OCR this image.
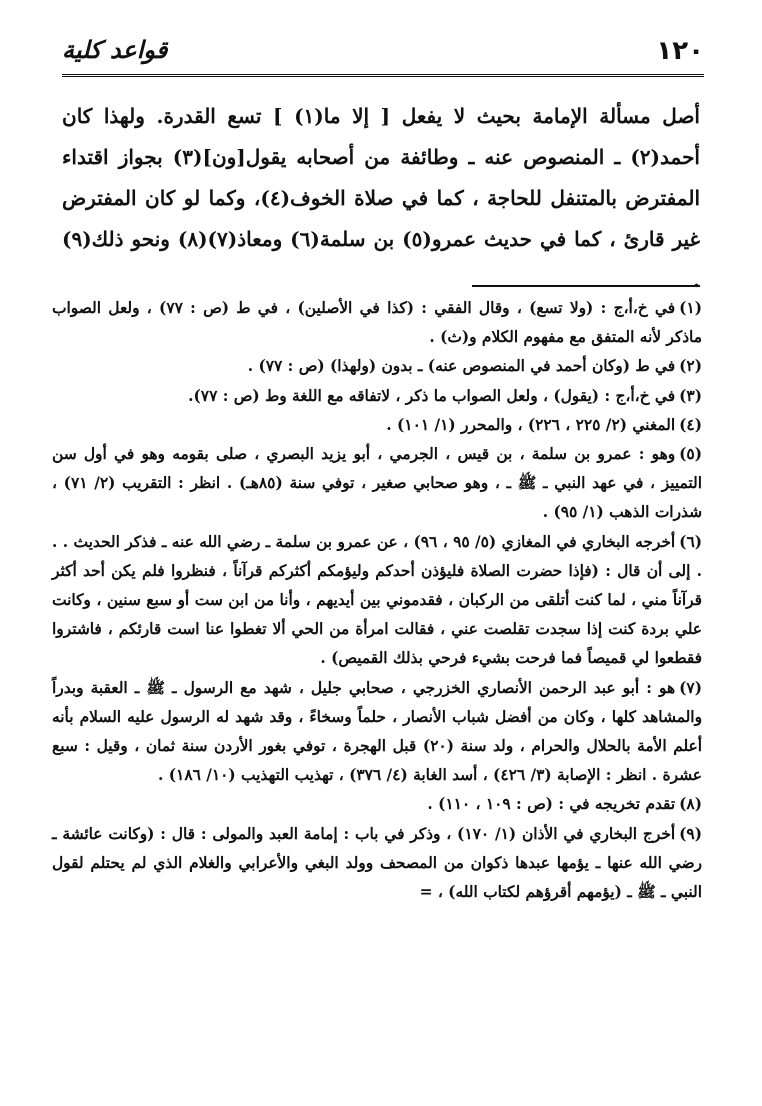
١٢٠
قواعد كلية

أصل مسألة الإمامة بحيث لا يفعل [ إلا ما(١) ] تسع القدرة. ولهذا كان أحمد(٢) ـ المنصوص عنه ـ وطائفة من أصحابه يقول[ون](٣) بجواز اقتداء المفترض بالمتنفل للحاجة ، كما في صلاة الخوف(٤)، وكما لو كان المفترض غير قارئ ، كما في حديث عمرو(٥) بن سلمة(٦) ومعاذ(٧)(٨) ونحو ذلك(٩) .

(١)في خ،أ،ج : (ولا تسع) ، وقال الفقي : (كذا في الأصلين) ، في ط (ص : ٧٧) ، ولعل الصواب ماذكر لأنه المتفق مع مفهوم الكلام و(ث) .

(٢)في ط (وكان أحمد في المنصوص عنه) ـ بدون (ولهذا) (ص : ٧٧) .

(٣)في خ،أ،ج : (يقول) ، ولعل الصواب ما ذكر ، لاتفاقه مع اللغة وط (ص : ٧٧).

(٤)المغني (٢/ ٢٢٥ ، ٢٢٦) ، والمحرر (١/ ١٠١) .

(٥)وهو : عمرو بن سلمة ، بن قيس ، الجرمي ، أبو يزيد البصري ، صلى بقومه وهو في أول سن التمييز ، في عهد النبي ـ ﷺ ـ ، وهو صحابي صغير ، توفي سنة (٨٥هـ) . انظر : التقريب (٢/ ٧١) ، شذرات الذهب (١/ ٩٥) .

(٦)أخرجه البخاري في المغازي (٥/ ٩٥ ، ٩٦) ، عن عمرو بن سلمة ـ رضي الله عنه ـ فذكر الحديث . . . إلى أن قال : (فإذا حضرت الصلاة فليؤذن أحدكم وليؤمكم أكثركم قرآناً ، فنظروا فلم يكن أحد أكثر قرآناً مني ، لما كنت أتلقى من الركبان ، فقدموني بين أيديهم ، وأنا من ابن ست أو سبع سنين ، وكانت علي بردة كنت إذا سجدت تقلصت عني ، فقالت امرأة من الحي ألا تغطوا عنا است قارئكم ، فاشتروا فقطعوا لي قميصاً فما فرحت بشيء فرحي بذلك القميص) .

(٧)هو : أبو عبد الرحمن الأنصاري الخزرجي ، صحابي جليل ، شهد مع الرسول ـ ﷺ ـ العقبة وبدراً والمشاهد كلها ، وكان من أفضل شباب الأنصار ، حلماً وسخاءً ، وقد شهد له الرسول عليه السلام بأنه أعلم الأمة بالحلال والحرام ، ولد سنة (٢٠) قبل الهجرة ، توفي بغور الأردن سنة ثمان ، وقيل : سبع عشرة . انظر : الإصابة (٣/ ٤٢٦) ، أسد الغابة (٤/ ٣٧٦) ، تهذيب التهذيب (١٠/ ١٨٦) .

(٨)تقدم تخريجه في : (ص : ١٠٩ ، ١١٠) .

(٩)أخرج البخاري في الأذان (١/ ١٧٠) ، وذكر في باب : إمامة العبد والمولى : قال : (وكانت عائشة ـ رضي الله عنها ـ يؤمها عبدها ذكوان من المصحف وولد البغي والأعرابي والغلام الذي لم يحتلم لقول النبي ـ ﷺ ـ (يؤمهم أقرؤهم لكتاب الله) ، =
